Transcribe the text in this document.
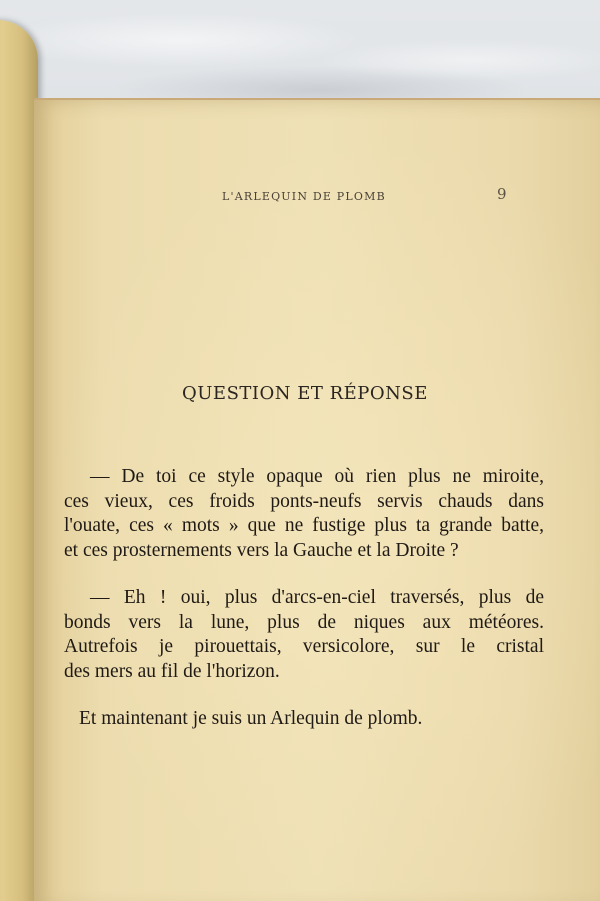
L'ARLEQUIN DE PLOMB	9
QUESTION ET RÉPONSE
— De toi ce style opaque où rien plus ne miroite,
ces vieux, ces froids ponts-neufs servis chauds dans
l'ouate, ces « mots » que ne fustige plus ta grande batte,
et ces prosternements vers la Gauche et la Droite ?
— Eh ! oui, plus d'arcs-en-ciel traversés, plus de
bonds vers la lune, plus de niques aux météores.
Autrefois je pirouettais, versicolore, sur le cristal
des mers au fil de l'horizon.
Et maintenant je suis un Arlequin de plomb.
